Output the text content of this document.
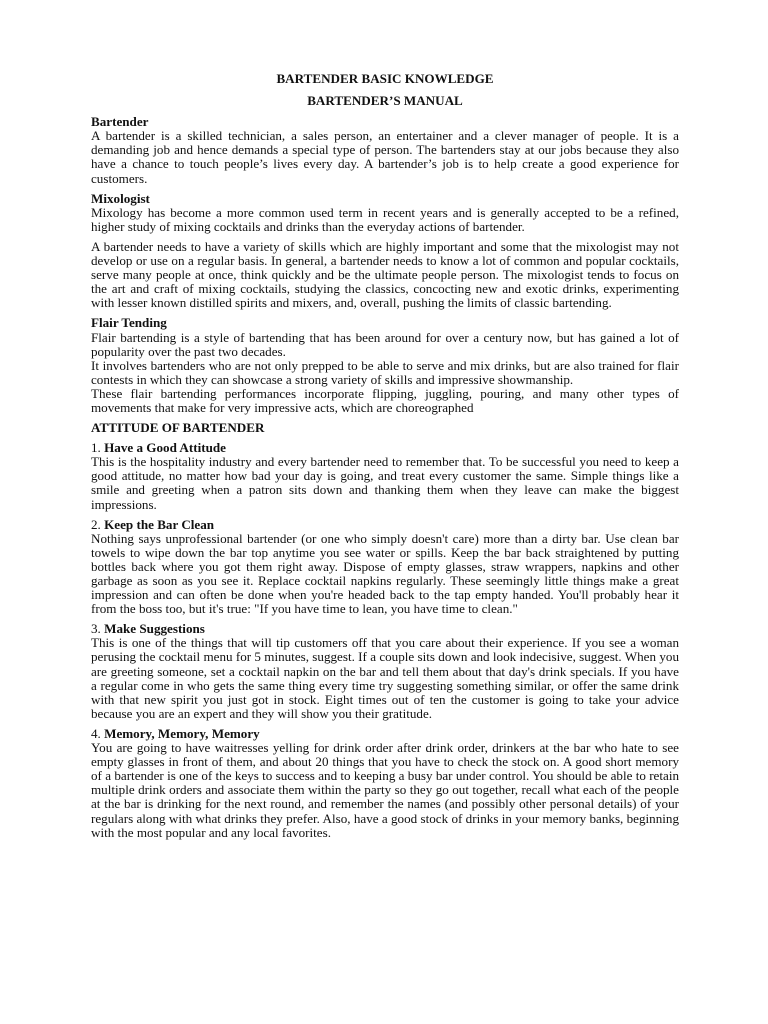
BARTENDER BASIC KNOWLEDGE

BARTENDER’S MANUAL

Bartender

A bartender is a skilled technician, a sales person, an entertainer and a clever manager of people. It is a demanding job and hence demands a special type of person. The bartenders stay at our jobs because they also have a chance to touch people’s lives every day. A bartender’s job is to help create a good experience for customers.

Mixologist

Mixology has become a more common used term in recent years and is generally accepted to be a refined, higher study of mixing cocktails and drinks than the everyday actions of bartender.

A bartender needs to have a variety of skills which are highly important and some that the mixologist may not develop or use on a regular basis. In general, a bartender needs to know a lot of common and popular cocktails, serve many people at once, think quickly and be the ultimate people person. The mixologist tends to focus on the art and craft of mixing cocktails, studying the classics, concocting new and exotic drinks, experimenting with lesser known distilled spirits and mixers, and, overall, pushing the limits of classic bartending.

Flair Tending

Flair bartending is a style of bartending that has been around for over a century now, but has gained a lot of popularity over the past two decades.

It involves bartenders who are not only prepped to be able to serve and mix drinks, but are also trained for flair contests in which they can showcase a strong variety of skills and impressive showmanship.

These flair bartending performances incorporate flipping, juggling, pouring, and many other types of movements that make for very impressive acts, which are choreographed

ATTITUDE OF BARTENDER

1. Have a Good Attitude

This is the hospitality industry and every bartender need to remember that. To be successful you need to keep a good attitude, no matter how bad your day is going, and treat every customer the same. Simple things like a smile and greeting when a patron sits down and thanking them when they leave can make the biggest impressions.

2. Keep the Bar Clean

Nothing says unprofessional bartender (or one who simply doesn't care) more than a dirty bar. Use clean bar towels to wipe down the bar top anytime you see water or spills. Keep the bar back straightened by putting bottles back where you got them right away. Dispose of empty glasses, straw wrappers, napkins and other garbage as soon as you see it. Replace cocktail napkins regularly. These seemingly little things make a great impression and can often be done when you're headed back to the tap empty handed. You'll probably hear it from the boss too, but it's true: "If you have time to lean, you have time to clean."

3. Make Suggestions

This is one of the things that will tip customers off that you care about their experience. If you see a woman perusing the cocktail menu for 5 minutes, suggest. If a couple sits down and look indecisive, suggest. When you are greeting someone, set a cocktail napkin on the bar and tell them about that day's drink specials. If you have a regular come in who gets the same thing every time try suggesting something similar, or offer the same drink with that new spirit you just got in stock. Eight times out of ten the customer is going to take your advice because you are an expert and they will show you their gratitude.

4. Memory, Memory, Memory

You are going to have waitresses yelling for drink order after drink order, drinkers at the bar who hate to see empty glasses in front of them, and about 20 things that you have to check the stock on. A good short memory of a bartender is one of the keys to success and to keeping a busy bar under control. You should be able to retain multiple drink orders and associate them within the party so they go out together, recall what each of the people at the bar is drinking for the next round, and remember the names (and possibly other personal details) of your regulars along with what drinks they prefer. Also, have a good stock of drinks in your memory banks, beginning with the most popular and any local favorites.
